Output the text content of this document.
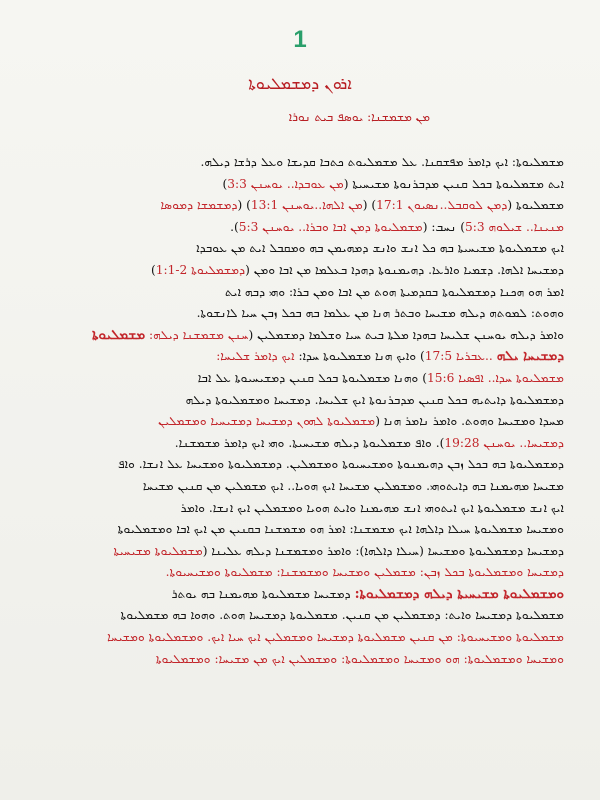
1
ܐܪܘܢ ܕܡܫܡܠܝܘܬܐ
ܡܢ ܡܫܡܫܢܐ: ܝܘܣܦ ܒܝܬ ܢܘܪܐ
ܡܫܡܠܝܘܬܐ: ܐܝܟ ܕܐܡܪ ܡܦܫܩܢܐ. ܥܠ ܡܫܡܠܝܘܬ ܟܬܒܐ ܩܕܝܫܐ ܘܥܠ ܕܪܫܐ ܕܝܠܗ.
ܐܝܬ ܡܫܡܠܝܘܬܐ ܒܟܠ ܩܢܝܢ ܡܕܒܪܢܘܬܐ ܡܫܝܚܝܬܐ (ܡܢ ܥܘܒܕܐ.. ܝܘܚܢܢ 3:3)
ܡܫܡܠܝܘܬܐ (ܕܡܢ ܠܘܩܒܠ..ܢܣܝܘܢ 17:1) (ܡܢ ܐܠܗܐ..ܝܘܚܢܢ 13:1) (ܕܡܫܡܫܐ ܕܡܘܣܐ
ܡܢܝܢܐ.. ܫܝܠܘܗ 5:3) ܢܚܒ: (ܡܫܡܠܝܘܬܐ ܕܡܢ ܐܒܐ ܘܒܪܐ.. ܝܘܚܢܢ 5:3).
ܐܝܟ ܡܫܡܠܝܘܬܐ ܡܫܝܚܝܬܐ ܒܗ ܟܠ ܐܢܫ ܘܐܢܫ ܕܡܗܝܡܢ ܒܗ ܘܡܩܒܠ ܐܝܬ ܡܢ ܥܘܒܕܐ
ܕܡܫܝܚܐ ܐܠܗܐ. ܕܫܡܝܐ ܘܐܪܥܐ. ܕܗܝܡܢܘܬܐ ܕܗܕܐ ܒܥܠܡܐ ܡܢ ܐܒܐ ܘܡܢ (ܕܡܫܡܠܝܘܬܐ 2-1:1)
ܐܡܪ ܗܘ ܗܟܢܐ ܕܡܫܡܠܝܘܬܐ ܒܩܕܡܝܬܐ ܗܘܬ ܡܢ ܐܒܐ ܘܡܢ ܒܪܐ: ܘܗܝ ܕܒܗ ܐܝܬ
ܘܗܘܬ: ܠܡܘܬܗ ܕܝܠܗ ܡܫܝܚܐ ܘܒܬܪ ܗܢܐ ܡܢ ܥܠܡܐ ܒܗ ܒܟܠ ܙܒܢ ܚܝܐ ܠܐܢܫܘܬܐ.
ܘܐܡܪ ܕܝܠܗ ܝܘܚܢܢ ܫܠܝܚܐ ܒܗܕܐ ܡܠܬܐ ܒܝܬ ܚܝܐ ܘܫܠܡܐ ܕܡܫܡܠܝܢ (ܚܢܢ ܡܫܡܫܢܐ ܕܝܠܗ: ܡܫܡܠܝܘܬܐ
ܕܡܫܝܚܐ ܝܠܗ ..ܥܒܪܝܐ 17:5) ܘܐܝܟ ܗܢܐ ܡܫܡܠܝܘܬܐ ܚܕܐ: ܐܝܟ ܕܐܡܪ ܫܠܝܚܐ:
ܡܫܡܠܝܘܬܐ ܚܕܐ.. ܐܦܣܝܐ 15:6) ܘܗܢܐ ܡܫܡܠܝܘܬܐ ܒܟܠ ܩܢܝܢ ܕܡܫܝܚܝܘܬܐ ܥܠ ܐܒܐ
ܕܡܫܡܠܝܘܬܐ ܕܐܝܬܝܗ ܒܟܠ ܩܢܝܢ ܡܕܒܪܢܘܬܐ ܐܝܟ ܫܠܝܚܐ. ܕܡܫܝܚܐ ܘܡܫܡܠܝܘܬܐ ܕܝܠܗ
ܡܚܕܐ ܘܡܫܝܚܐ ܘܗܘܬ. ܘܐܡܪ ܢܐܡܪ ܗܢܐ (ܡܫܡܠܝܘܬܐ ܠܗܘܢ ܕܡܫܝܚܐ ܕܡܫܝܚܝܐ ܘܡܫܡܠܝܢ
ܕܡܫܝܚܐ.. ܝܘܚܢܢ 19:28). ܘܐܦ ܡܫܡܠܝܘܬܐ ܕܝܠܗ ܡܫܝܚܝܬܐ. ܘܗܝ ܐܝܟ ܕܐܡܪ ܡܫܡܫܢܐ.
ܕܡܫܡܠܝܘܬܐ ܒܗ ܒܟܠ ܙܒܢ ܕܗܝܡܢܘܬܐ ܘܡܫܝܚܝܘܬܐ ܘܡܫܡܠܝܢ. ܕܡܫܡܠܝܘܬܐ ܘܡܫܝܚܐ ܥܠ ܐܢܫܐ. ܘܐܦ
ܡܫܝܚܐ ܡܗܝܡܢܐ ܒܗ ܕܐܝܬܘܗܝ. ܘܡܫܡܠܝܢ ܡܫܝܚܐ ܐܝܟ ܗܘܝܐ.. ܐܝܟ ܡܫܡܠܝܢ ܡܢ ܩܢܝܢ ܡܫܝܚܐ
ܐܝܟ ܐܢܫ ܡܫܡܠܝܘܬܐ ܐܝܟ ܐܝܬܘܗܝ ܐܢܫ ܡܗܝܡܢܐ ܘܐܝܬ ܗܘܝܐ ܘܡܫܡܠܝܢ ܐܝܟ ܐܢܫܐ. ܘܐܡܪ
ܘܡܫܝܚܐ ܡܫܡܠܝܘܬܐ ܚܝܠܐ ܕܐܠܗܐ ܐܝܟ ܡܫܡܫܢܐ: ܐܡܪ ܗܘ ܡܫܡܫܢܐ ܒܩܢܝܢ ܡܢ ܐܝܟ ܐܒܐ ܘܡܫܡܠܝܘܬܐ
ܕܡܫܝܚܐ ܕܡܫܡܠܝܘܬܐ ܘܡܫܝܚܐ (ܚܝܠܐ ܕܐܠܗܐ): ܘܐܡܪ ܘܡܫܡܫܢܐ ܕܝܠܗ ܥܠܝܢܐ (ܡܫܡܠܝܘܬܐ ܡܫܝܚܝܬܐ
ܕܡܫܝܚܐ ܘܡܫܡܠܝܘܬܐ ܒܟܠ ܙܒܢ: ܡܫܡܠܝܢ ܘܡܫܝܚܐ ܘܡܫܡܫܢܐ: ܡܫܡܠܝܘܬܐ ܘܡܫܝܚܝܘܬܐ.
ܘܡܫܡܠܝܘܬܐ ܡܫܝܚܝܬܐ ܕܝܠܗ ܕܡܫܡܠܝܘܬܐ: ܕܡܫܝܚܐ ܡܫܡܠܝܘܬܐ ܡܗܝܡܢܐ ܒܗ ܝܘܬܪ
ܡܫܡܠܝܘܬܐ ܕܡܫܝܚܐ ܘܐܝܬ: ܕܡܫܡܠܝܢ ܡܢ ܩܢܝܢ. ܡܫܡܠܝܘܬܐ ܕܡܫܝܚܐ ܗܘܬ. ܘܗܘܐ ܒܗ ܡܫܡܠܝܘܬܐ
ܡܫܡܠܝܘܬܐ ܘܡܫܝܚܝܘܬܐ: ܡܢ ܩܢܝܢ ܡܫܡܠܝܘܬܐ ܕܡܫܝܚܐ ܘܡܫܡܠܝܢ ܐܝܟ ܚܝܐ ܐܝܟ. ܘܡܫܡܠܝܘܬܐ ܘܡܫܝܚܐ
ܘܡܫܝܚܐ ܘܡܫܡܠܝܘܬܐ: ܗܘ ܘܡܫܝܚܐ ܘܡܫܡܠܝܘܬܐ: ܘܡܫܡܠܝܢ ܐܝܟ ܡܢ ܡܫܝܚܐ: ܘܡܫܡܠܝܘܬܐ
